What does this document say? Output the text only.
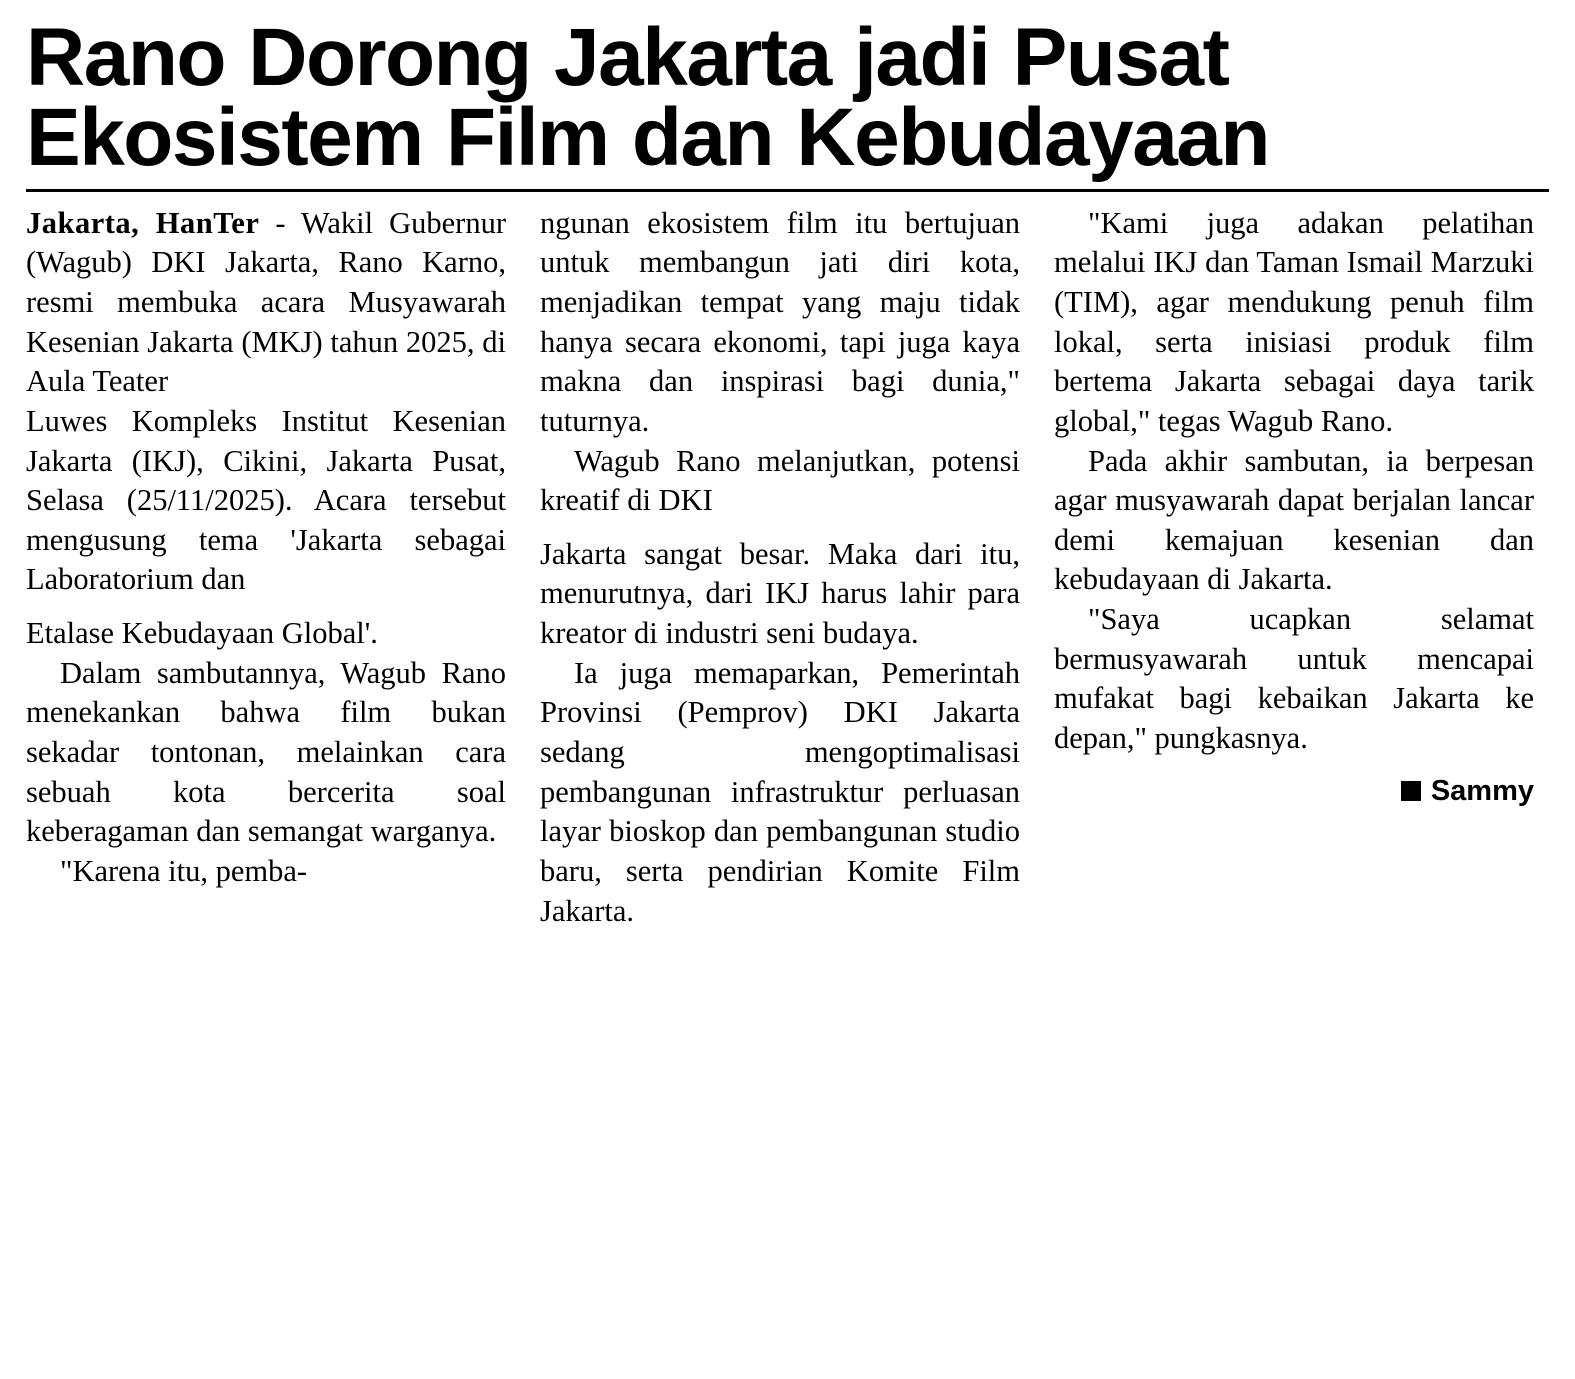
Rano Dorong Jakarta jadi Pusat Ekosistem Film dan Kebudayaan

Jakarta, HanTer - Wakil Gubernur (Wagub) DKI Jakarta, Rano Karno, resmi membuka acara Musyawarah Kesenian Jakarta (MKJ) tahun 2025, di Aula Teater

Luwes Kompleks Institut Kesenian Jakarta (IKJ), Cikini, Jakarta Pusat, Selasa (25/11/2025). Acara tersebut mengusung tema 'Jakarta sebagai Laboratorium dan

Etalase Kebudayaan Global'.

Dalam sambutannya, Wagub Rano menekankan bahwa film bukan sekadar tontonan, melainkan cara sebuah kota bercerita soal keberagaman dan semangat warganya.

"Karena itu, pemba-

ngunan ekosistem film itu bertujuan untuk membangun jati diri kota, menjadikan tempat yang maju tidak hanya secara ekonomi, tapi juga kaya makna dan inspirasi bagi dunia," tuturnya.

Wagub Rano melanjutkan, potensi kreatif di DKI

Jakarta sangat besar. Maka dari itu, menurutnya, dari IKJ harus lahir para kreator di industri seni budaya.

Ia juga memaparkan, Pemerintah Provinsi (Pemprov) DKI Jakarta sedang mengoptimalisasi pembangunan infrastruktur perluasan layar bioskop dan pembangunan studio baru, serta pendirian Komite Film Jakarta.

"Kami juga adakan pelatihan melalui IKJ dan Taman Ismail Marzuki (TIM), agar mendukung penuh film lokal, serta inisiasi produk film bertema Jakarta sebagai daya tarik global," tegas Wagub Rano.

Pada akhir sambutan, ia berpesan agar musyawarah dapat berjalan lancar demi kemajuan kesenian dan kebudayaan di Jakarta.

"Saya ucapkan selamat bermusyawarah untuk mencapai mufakat bagi kebaikan Jakarta ke depan," pungkasnya.

Sammy
